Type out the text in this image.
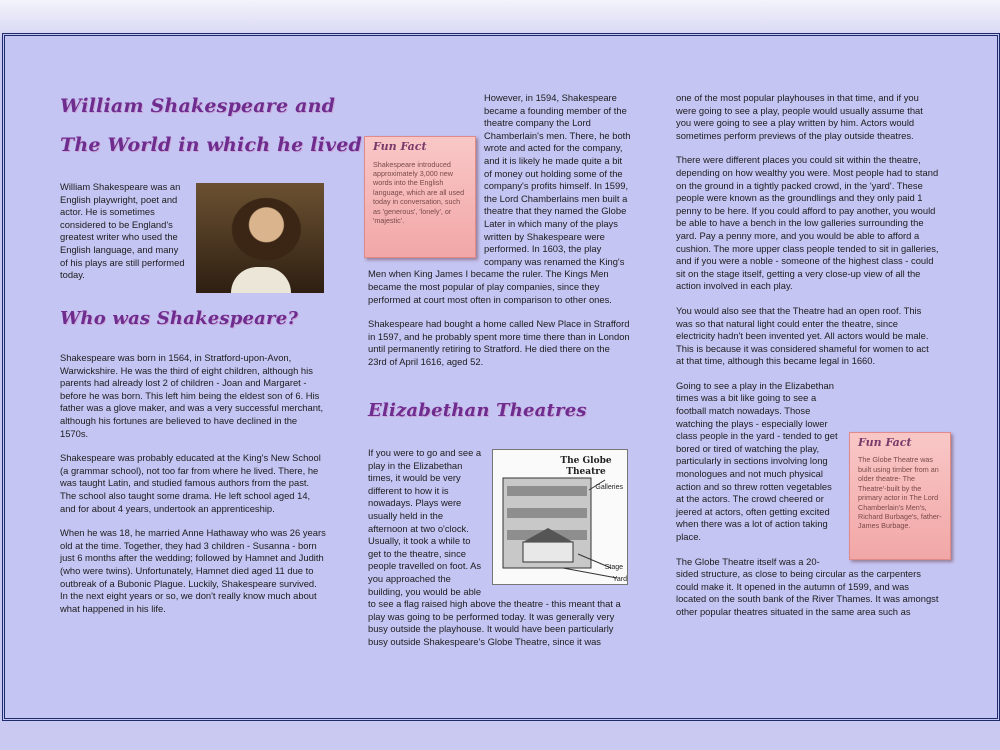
William Shakespeare and
The World in which he lived

William Shakespeare was an English playwright, poet and actor. He is sometimes considered to be England's greatest writer who used the English language, and many of his plays are still performed today.

Who was Shakespeare?

Shakespeare was born in 1564, in Stratford-upon-Avon, Warwickshire. He was the third of eight children, although his parents had already lost 2 of children - Joan and Margaret - before he was born. This left him being the eldest son of 6. His father was a glove maker, and was a very successful merchant, although his fortunes are believed to have declined in the 1570s.

Shakespeare was probably educated at the King's New School (a grammar school), not too far from where he lived. There, he was taught Latin, and studied famous authors from the past. The school also taught some drama. He left school aged 14, and for about 4 years, undertook an apprenticeship.

When he was 18, he married Anne Hathaway who was 26 years old at the time. Together, they had 3 children - Susanna - born just 6 months after the wedding; followed by Hamnet and Judith (who were twins). Unfortunately, Hamnet died aged 11 due to outbreak of a Bubonic Plague. Luckily, Shakespeare survived. In the next eight years or so, we don't really know much about what happened in his life.

Fun Fact
Shakespeare introduced approximately 3,000 new words into the English language, which are all used today in conversation, such as 'generous', 'lonely', or 'majestic'.
However, in 1594, Shakespeare became a founding member of the theatre company the Lord Chamberlain's men. There, he both wrote and acted for the company, and it is likely he made quite a bit of money out holding some of the company's profits himself. In 1599, the Lord Chamberlains men built a theatre that they named the Globe Later in which many of the plays written by Shakespeare were performed. In 1603, the play company was renamed the King's Men when King James I became the ruler. The Kings Men became the most popular of play companies, since they performed at court most often in comparison to other ones.

Shakespeare had bought a home called New Place in Strafford in 1597, and he probably spent more time there than in London until permanently retiring to Stratford. He died there on the 23rd of April 1616, aged 52.

Elizabethan Theatres

The Globe Theatre
Galleries
Stage
Yard
If you were to go and see a play in the Elizabethan times, it would be very different to how it is nowadays. Plays were usually held in the afternoon at two o'clock. Usually, it took a while to get to the theatre, since people travelled on foot. As you approached the building, you would be able to see a flag raised high above the theatre - this meant that a play was going to be performed today. It was generally very busy outside the playhouse. It would have been particularly busy outside Shakespeare's Globe Theatre, since it was

one of the most popular playhouses in that time, and if you were going to see a play, people would usually assume that you were going to see a play written by him. Actors would sometimes perform previews of the play outside theatres.

There were different places you could sit within the theatre, depending on how wealthy you were. Most people had to stand on the ground in a tightly packed crowd, in the 'yard'. These people were known as the groundlings and they only paid 1 penny to be here. If you could afford to pay another, you would be able to have a bench in the low galleries surrounding the yard. Pay a penny more, and you would be able to afford a cushion. The more upper class people tended to sit in galleries, and if you were a noble - someone of the highest class - could sit on the stage itself, getting a very close-up view of all the action involved in each play.

You would also see that the Theatre had an open roof. This was so that natural light could enter the theatre, since electricity hadn't been invented yet. All actors would be male. This is because it was considered shameful for women to act at that time, although this became legal in 1660.

Fun Fact
The Globe Theatre was built using timber from an older theatre- The Theatre'-built by the primary actor in The Lord Chamberlain's Men's, Richard Burbage's, father- James Burbage.
Going to see a play in the Elizabethan times was a bit like going to see a football match nowadays. Those watching the plays - especially lower class people in the yard - tended to get bored or tired of watching the play, particularly in sections involving long monologues and not much physical action and so threw rotten vegetables at the actors. The crowd cheered or jeered at actors, often getting excited when there was a lot of action taking place.

The Globe Theatre itself was a 20-sided structure, as close to being circular as the carpenters could make it. It opened in the autumn of 1599, and was located on the south bank of the River Thames. It was amongst other popular theatres situated in the same area such as
